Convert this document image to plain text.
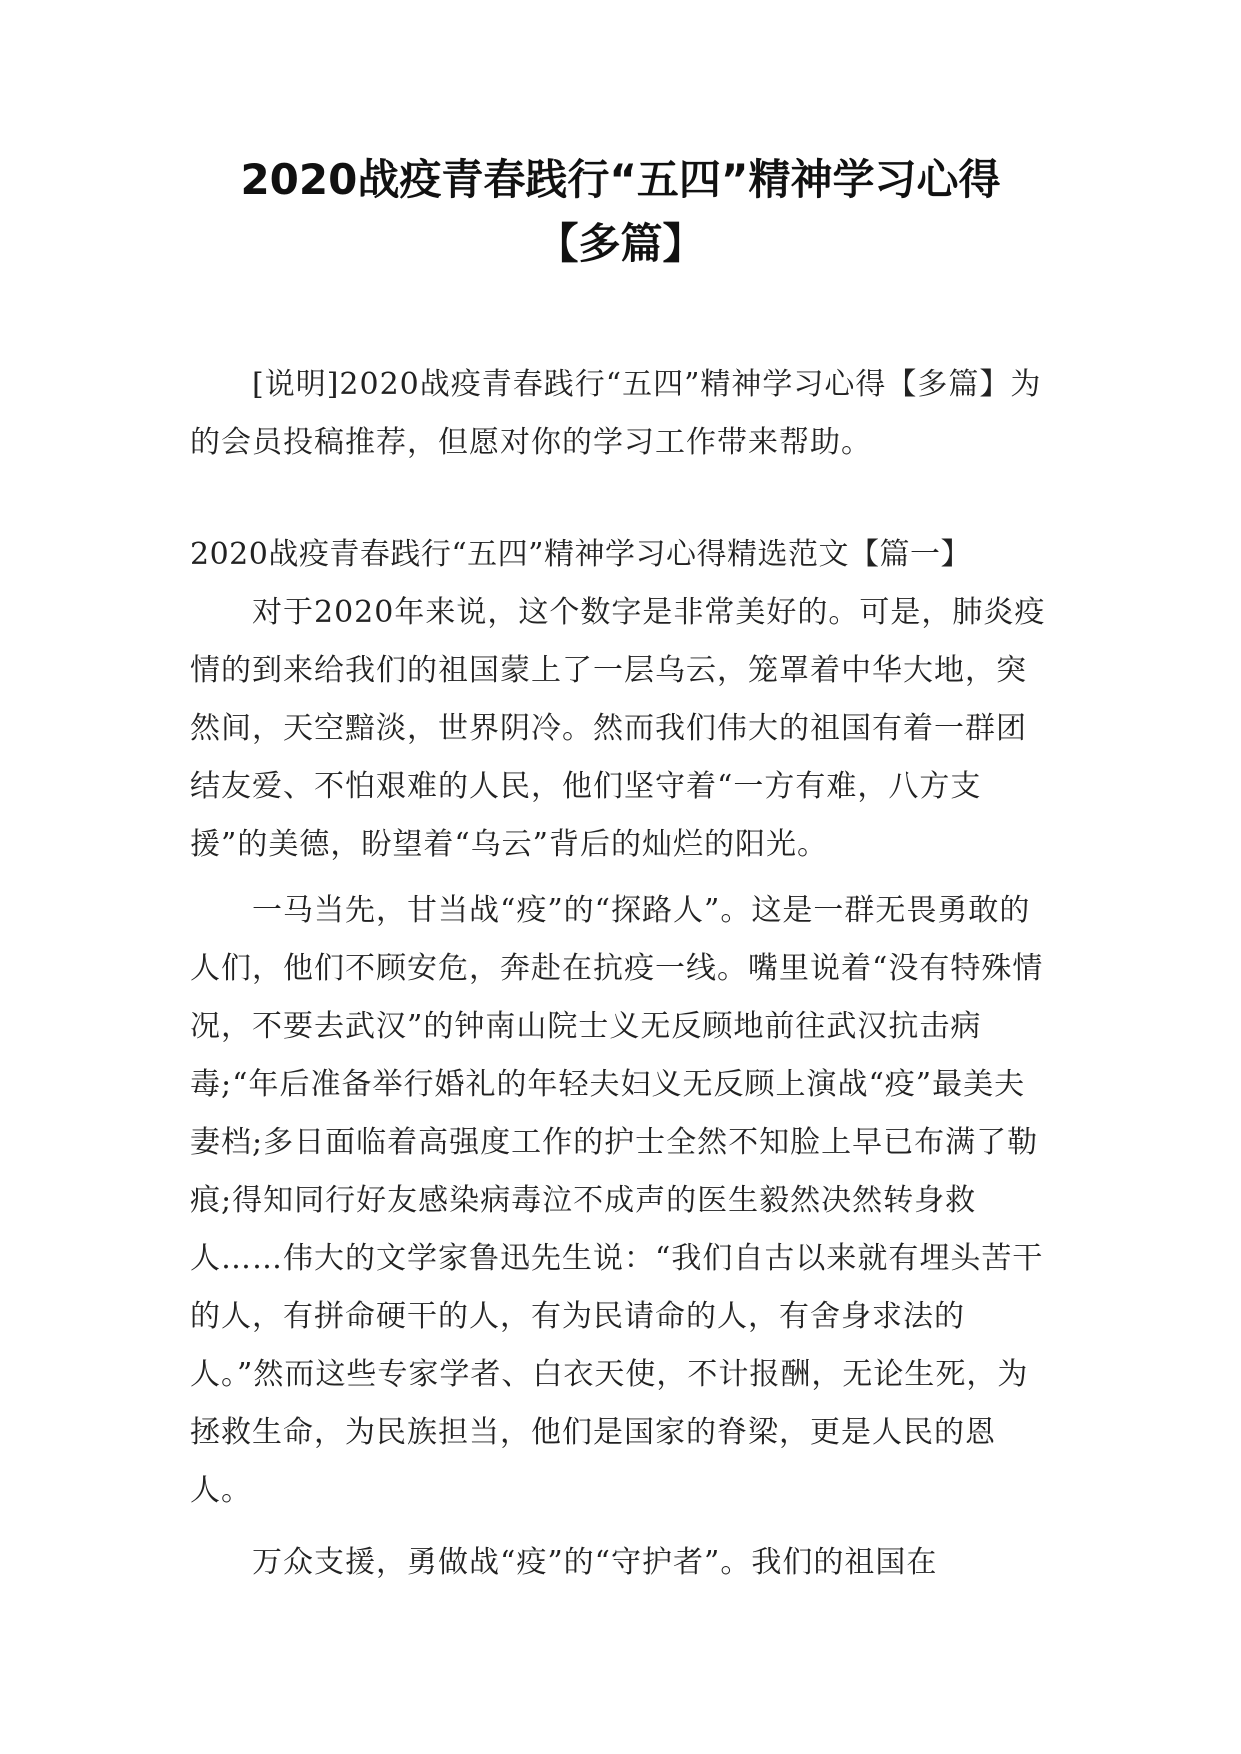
2020战疫青春践行“五四”精神学习心得
【多篇】

[说明]2020战疫青春践行“五四”精神学习心得【多篇】为的会员投稿推荐，但愿对你的学习工作带来帮助。

2020战疫青春践行“五四”精神学习心得精选范文【篇一】

对于2020年来说，这个数字是非常美好的。可是，肺炎疫情的到来给我们的祖国蒙上了一层乌云，笼罩着中华大地，突然间，天空黯淡，世界阴冷。然而我们伟大的祖国有着一群团结友爱、不怕艰难的人民，他们坚守着“一方有难，八方支援”的美德，盼望着“乌云”背后的灿烂的阳光。

一马当先，甘当战“疫”的“探路人”。这是一群无畏勇敢的人们，他们不顾安危，奔赴在抗疫一线。嘴里说着“没有特殊情况，不要去武汉”的钟南山院士义无反顾地前往武汉抗击病毒;“年后准备举行婚礼的年轻夫妇义无反顾上演战“疫”最美夫妻档;多日面临着高强度工作的护士全然不知脸上早已布满了勒痕;得知同行好友感染病毒泣不成声的医生毅然决然转身救人……伟大的文学家鲁迅先生说：“我们自古以来就有埋头苦干的人，有拼命硬干的人，有为民请命的人，有舍身求法的人。”然而这些专家学者、白衣天使，不计报酬，无论生死，为拯救生命，为民族担当，他们是国家的脊梁，更是人民的恩人。

万众支援，勇做战“疫”的“守护者”。我们的祖国在
